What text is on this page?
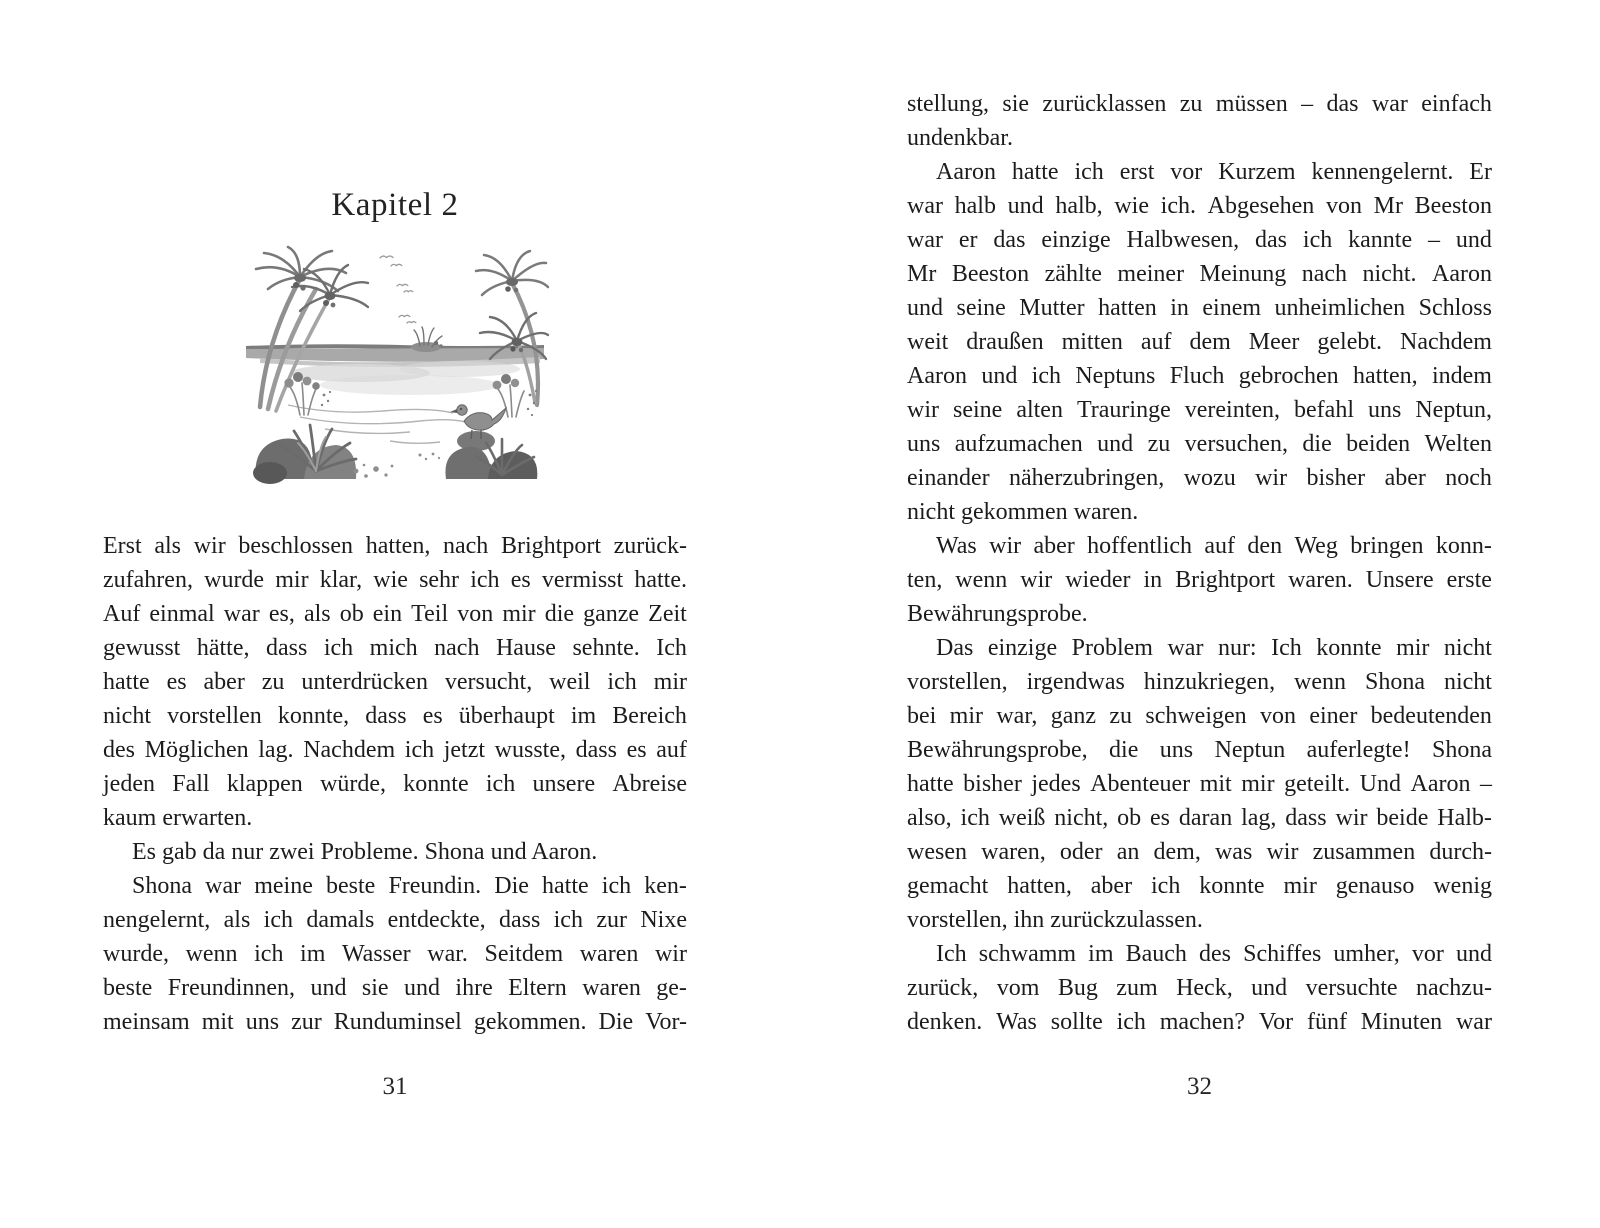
Kapitel 2
Erst als wir beschlossen hatten, nach Brightport zurück-
zufahren, wurde mir klar, wie sehr ich es vermisst hatte.
Auf einmal war es, als ob ein Teil von mir die ganze Zeit
gewusst hätte, dass ich mich nach Hause sehnte. Ich
hatte es aber zu unterdrücken versucht, weil ich mir
nicht vorstellen konnte, dass es überhaupt im Bereich
des Möglichen lag. Nachdem ich jetzt wusste, dass es auf
jeden Fall klappen würde, konnte ich unsere Abreise
kaum erwarten.
Es gab da nur zwei Probleme. Shona und Aaron.
Shona war meine beste Freundin. Die hatte ich ken-
nengelernt, als ich damals entdeckte, dass ich zur Nixe
wurde, wenn ich im Wasser war. Seitdem waren wir
beste Freundinnen, und sie und ihre Eltern waren ge-
meinsam mit uns zur Runduminsel gekommen. Die Vor-
31
stellung, sie zurücklassen zu müssen – das war einfach
undenkbar.
Aaron hatte ich erst vor Kurzem kennengelernt. Er
war halb und halb, wie ich. Abgesehen von Mr Beeston
war er das einzige Halbwesen, das ich kannte – und
Mr Beeston zählte meiner Meinung nach nicht. Aaron
und seine Mutter hatten in einem unheimlichen Schloss
weit draußen mitten auf dem Meer gelebt. Nachdem
Aaron und ich Neptuns Fluch gebrochen hatten, indem
wir seine alten Trauringe vereinten, befahl uns Neptun,
uns aufzumachen und zu versuchen, die beiden Welten
einander näherzubringen, wozu wir bisher aber noch
nicht gekommen waren.
Was wir aber hoffentlich auf den Weg bringen konn-
ten, wenn wir wieder in Brightport waren. Unsere erste
Bewährungsprobe.
Das einzige Problem war nur: Ich konnte mir nicht
vorstellen, irgendwas hinzukriegen, wenn Shona nicht
bei mir war, ganz zu schweigen von einer bedeutenden
Bewährungsprobe, die uns Neptun auferlegte! Shona
hatte bisher jedes Abenteuer mit mir geteilt. Und Aaron –
also, ich weiß nicht, ob es daran lag, dass wir beide Halb-
wesen waren, oder an dem, was wir zusammen durch-
gemacht hatten, aber ich konnte mir genauso wenig
vorstellen, ihn zurückzulassen.
Ich schwamm im Bauch des Schiffes umher, vor und
zurück, vom Bug zum Heck, und versuchte nachzu-
denken. Was sollte ich machen? Vor fünf Minuten war
32
